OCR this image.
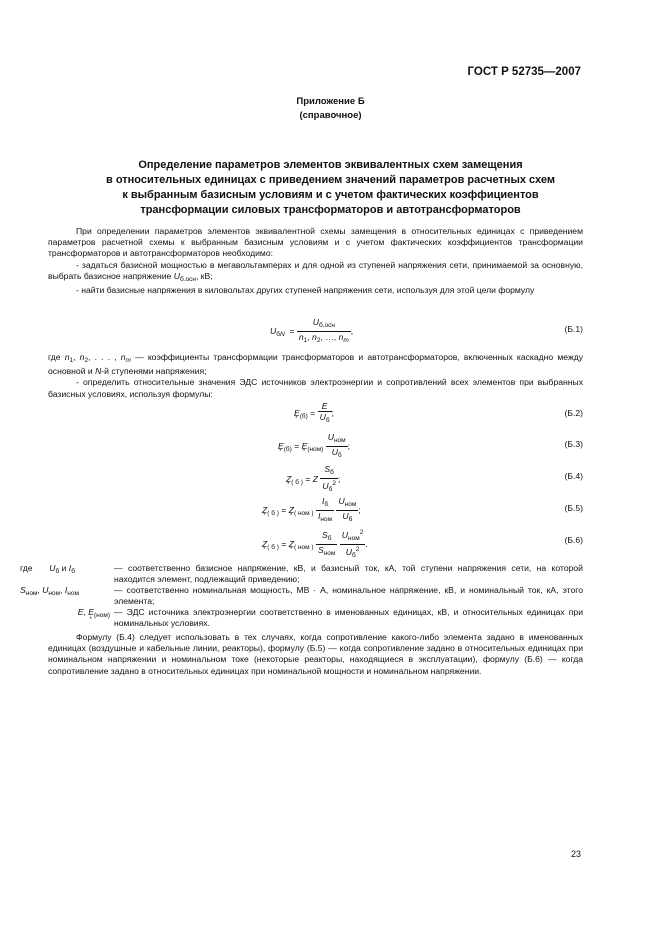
ГОСТ Р 52735—2007
Приложение Б
(справочное)
Определение параметров элементов эквивалентных схем замещения
в относительных единицах с приведением значений параметров расчетных схем
к выбранным базисным условиям и с учетом фактических коэффициентов
трансформации силовых трансформаторов и автотрансформаторов

При определении параметров элементов эквивалентной схемы замещения в относительных единицах с приведением параметров расчетной схемы к выбранным базисным условиям и с учетом фактических коэффициентов трансформации трансформаторов и автотрансформаторов необходимо:

- задаться базисной мощностью в мегавольтамперах и для одной из ступеней напряжения сети, принимаемой за основную, выбрать базисное напряжение $U_{б.осн}$, кВ;

- найти базисные напряжения в киловольтах других ступеней напряжения сети, используя для этой цели формулу

$U_{бN} = \frac{U_{б.осн}}{n_1, n_2, \dots, n_m}$ ,	(Б.1)

где $n_1$, $n_2$, . . . , $n_m$ — коэффициенты трансформации трансформаторов и автотрансформаторов, включенных каскадно между основной и N-й ступенями напряжения;

- определить относительные значения ЭДС источников электроэнергии и сопротивлений всех элементов при выбранных базисных условиях, используя формулы:

E $*_{(б)} = \frac{E}{U_б}$ ;	(Б.2)
E $*_{(б)} = E$ $*_{(ном)} \frac{U_{ном}}{U_б}$ ;	(Б.3)
Z $*_{( б )} = Z \frac{S_б}{U_б^2}$ ;	(Б.4)
Z $*_{( б )} = Z$ $*_{( ном )} \frac{I_б}{I_{ном}}$
$\frac{U_{ном}}{U_б}$ ;	(Б.5)
Z $*_{( б )} = Z$ $*_{( ном )} \frac{S_б}{S_{ном}}$
$\frac{U_{ном}^2}{U_б^2}$ .	(Б.6)
где $U_б$ и $I_б$	— соответственно базисное напряжение, кВ, и базисный ток, кА, той ступени напряжения сети, на которой находится элемент, подлежащий приведению;
$S_{ном}$, $U_{ном}$, $I_{ном}$	— соответственно номинальная мощность, МВ · А, номинальное напряжение, кВ, и номинальный ток, кА, этого элемента;
E, E $*_{(ном)}$ — ЭДС источника электроэнергии соответственно в именованных единицах, кВ, и относительных единицах при номинальных условиях.

Формулу (Б.4) следует использовать в тех случаях, когда сопротивление какого-либо элемента задано в именованных единицах (воздушные и кабельные линии, реакторы), формулу (Б.5) — когда сопротивление задано в относительных единицах при номинальном напряжении и номинальном токе (некоторые реакторы, находящиеся в эксплуатации), формулу (Б.6) — когда сопротивление задано в относительных единицах при номинальной мощности и номинальном напряжении.

23
